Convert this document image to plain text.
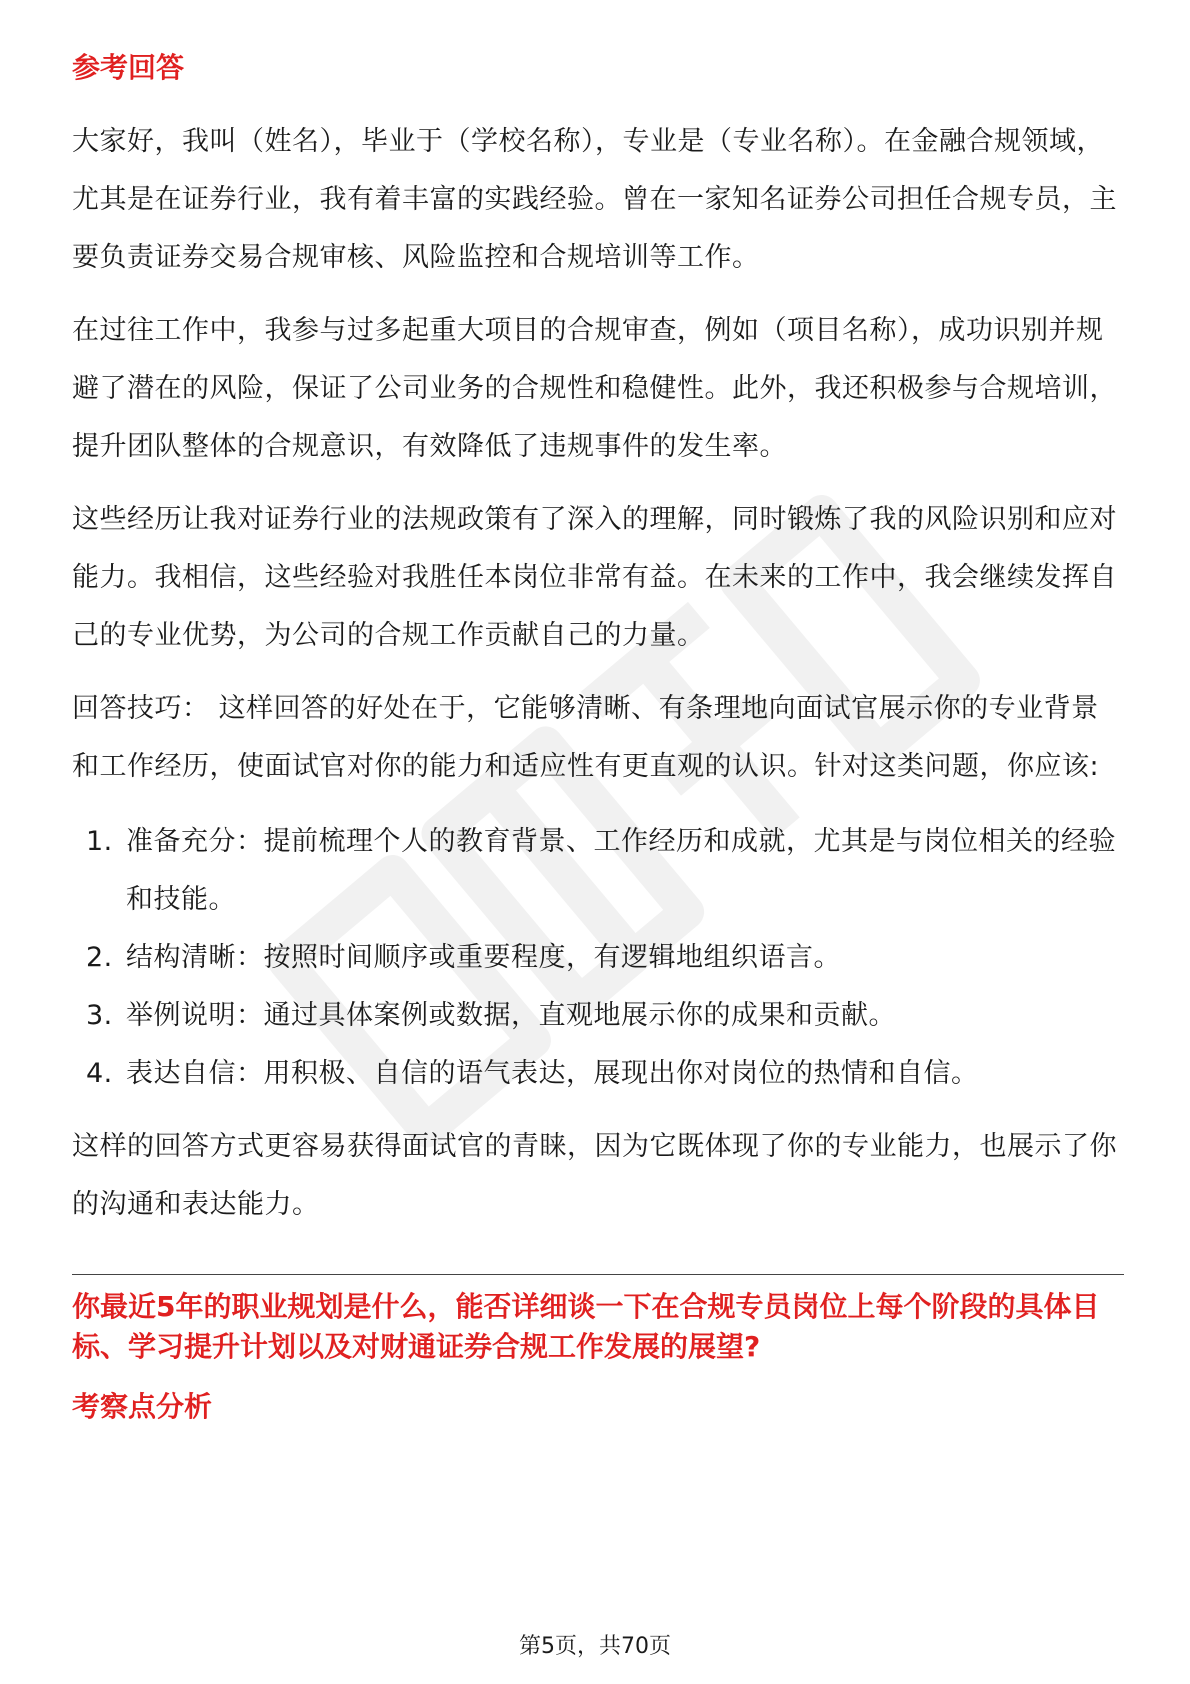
参考回答

大家好，我叫（姓名），毕业于（学校名称），专业是（专业名称）。在金融合规领域，尤其是在证券行业，我有着丰富的实践经验。曾在一家知名证券公司担任合规专员，主要负责证券交易合规审核、风险监控和合规培训等工作。

在过往工作中，我参与过多起重大项目的合规审查，例如（项目名称），成功识别并规避了潜在的风险，保证了公司业务的合规性和稳健性。此外，我还积极参与合规培训，提升团队整体的合规意识，有效降低了违规事件的发生率。

这些经历让我对证券行业的法规政策有了深入的理解，同时锻炼了我的风险识别和应对能力。我相信，这些经验对我胜任本岗位非常有益。在未来的工作中，我会继续发挥自己的专业优势，为公司的合规工作贡献自己的力量。

回答技巧： 这样回答的好处在于，它能够清晰、有条理地向面试官展示你的专业背景和工作经历，使面试官对你的能力和适应性有更直观的认识。针对这类问题，你应该:

1. 准备充分：提前梳理个人的教育背景、工作经历和成就，尤其是与岗位相关的经验和技能。
2. 结构清晰：按照时间顺序或重要程度，有逻辑地组织语言。
3. 举例说明：通过具体案例或数据，直观地展示你的成果和贡献。
4. 表达自信：用积极、自信的语气表达，展现出你对岗位的热情和自信。

这样的回答方式更容易获得面试官的青睐，因为它既体现了你的专业能力，也展示了你的沟通和表达能力。

你最近5年的职业规划是什么，能否详细谈一下在合规专员岗位上每个阶段的具体目标、学习提升计划以及对财通证券合规工作发展的展望?

考察点分析
第5页，共70页
